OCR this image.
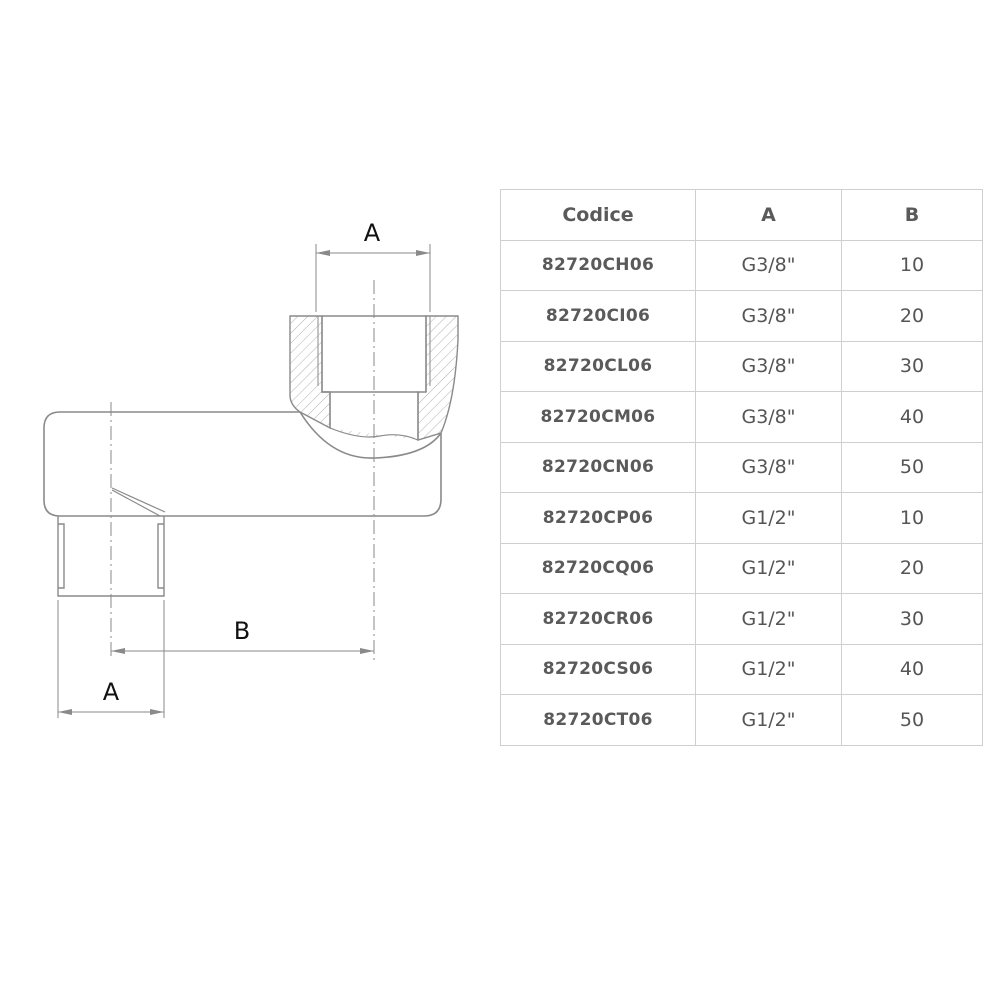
A
B
A
Codice	A	B
82720CH06	G3/8"	10
82720CI06	G3/8"	20
82720CL06	G3/8"	30
82720CM06	G3/8"	40
82720CN06	G3/8"	50
82720CP06	G1/2"	10
82720CQ06	G1/2"	20
82720CR06	G1/2"	30
82720CS06	G1/2"	40
82720CT06	G1/2"	50
